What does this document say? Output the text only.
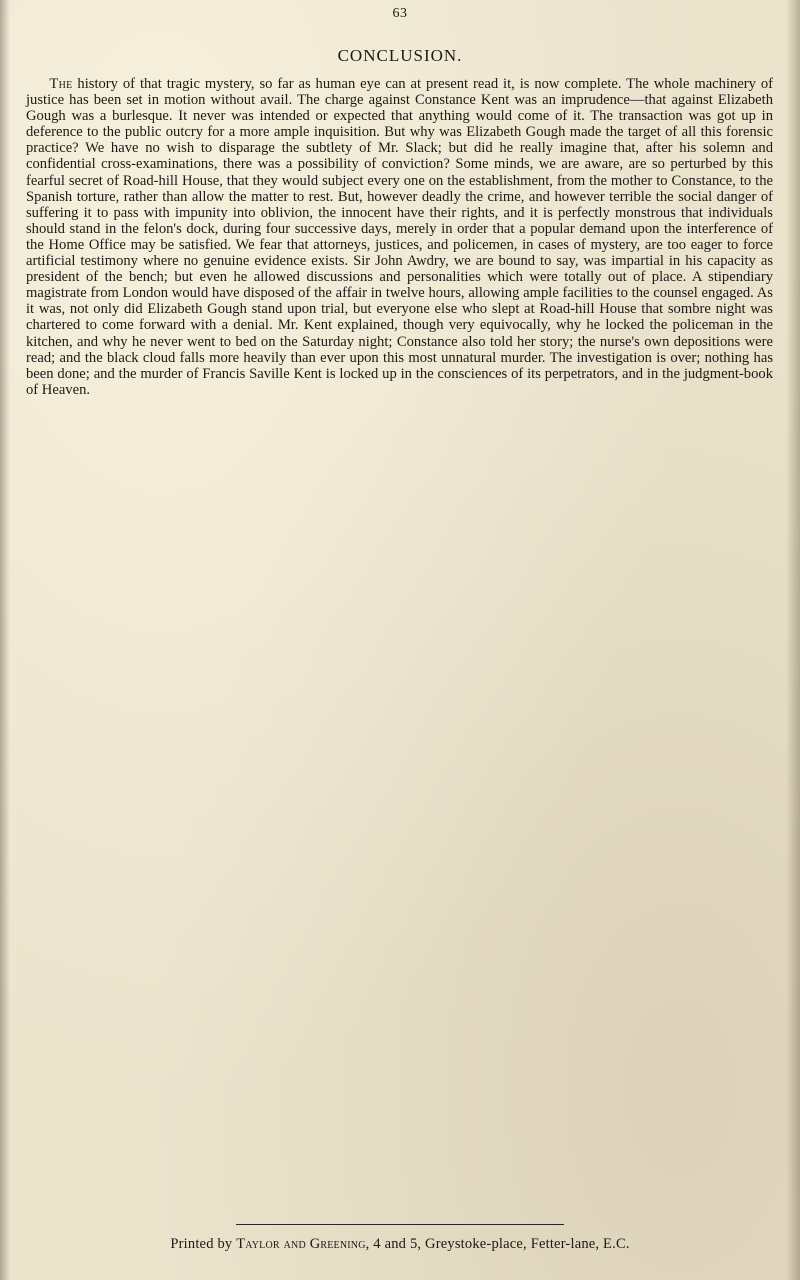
63
CONCLUSION.

The history of that tragic mystery, so far as human eye can at present read it, is now complete. The whole machinery of justice has been set in motion without avail. The charge against Constance Kent was an imprudence—that against Elizabeth Gough was a burlesque. It never was intended or expected that anything would come of it. The transaction was got up in deference to the public outcry for a more ample inquisition. But why was Elizabeth Gough made the target of all this forensic practice? We have no wish to disparage the subtlety of Mr. Slack; but did he really imagine that, after his solemn and confidential cross-examinations, there was a possibility of conviction? Some minds, we are aware, are so perturbed by this fearful secret of Road-hill House, that they would subject every one on the establishment, from the mother to Constance, to the Spanish torture, rather than allow the matter to rest. But, however deadly the crime, and however terrible the social danger of suffering it to pass with impunity into oblivion, the innocent have their rights, and it is perfectly monstrous that individuals should stand in the felon's dock, during four successive days, merely in order that a popular demand upon the interference of the Home Office may be satisfied. We fear that attorneys, justices, and policemen, in cases of mystery, are too eager to force artificial testimony where no genuine evidence exists. Sir John Awdry, we are bound to say, was impartial in his capacity as president of the bench; but even he allowed discussions and personalities which were totally out of place. A stipendiary magistrate from London would have disposed of the affair in twelve hours, allowing ample facilities to the counsel engaged. As it was, not only did Elizabeth Gough stand upon trial, but everyone else who slept at Road-hill House that sombre night was chartered to come forward with a denial. Mr. Kent explained, though very equivocally, why he locked the policeman in the kitchen, and why he never went to bed on the Saturday night; Constance also told her story; the nurse's own depositions were read; and the black cloud falls more heavily than ever upon this most unnatural murder. The investigation is over; nothing has been done; and the murder of Francis Saville Kent is locked up in the consciences of its perpetrators, and in the judgment-book of Heaven.

Printed by Taylor and Greening, 4 and 5, Greystoke-place, Fetter-lane, E.C.
